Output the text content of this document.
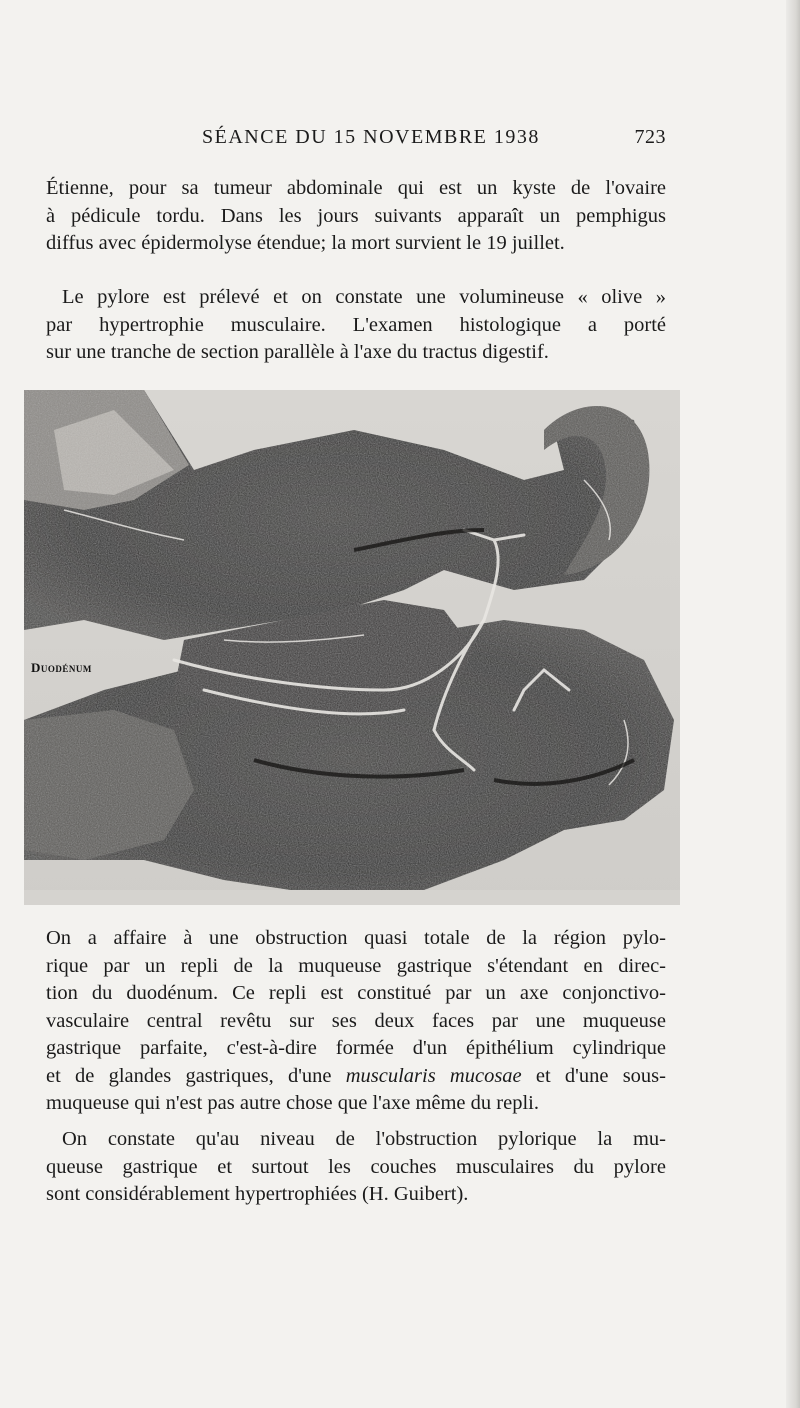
SÉANCE DU 15 NOVEMBRE 1938	723

Étienne, pour sa tumeur abdominale qui est un kyste de l'ovaire
à pédicule tordu. Dans les jours suivants apparaît un pemphigus
diffus avec épidermolyse étendue; la mort survient le 19 juillet.

Le pylore est prélevé et on constate une volumineuse « olive »
par hypertrophie musculaire. L'examen histologique a porté
sur une tranche de section parallèle à l'axe du tractus digestif.

Duodénum

On a affaire à une obstruction quasi totale de la région pylo-
rique par un repli de la muqueuse gastrique s'étendant en direc-
tion du duodénum. Ce repli est constitué par un axe conjonctivo-
vasculaire central revêtu sur ses deux faces par une muqueuse
gastrique parfaite, c'est-à-dire formée d'un épithélium cylindrique
et de glandes gastriques, d'une muscularis mucosae et d'une sous-
muqueuse qui n'est pas autre chose que l'axe même du repli.

On constate qu'au niveau de l'obstruction pylorique la mu-
queuse gastrique et surtout les couches musculaires du pylore
sont considérablement hypertrophiées (H. Guibert).
